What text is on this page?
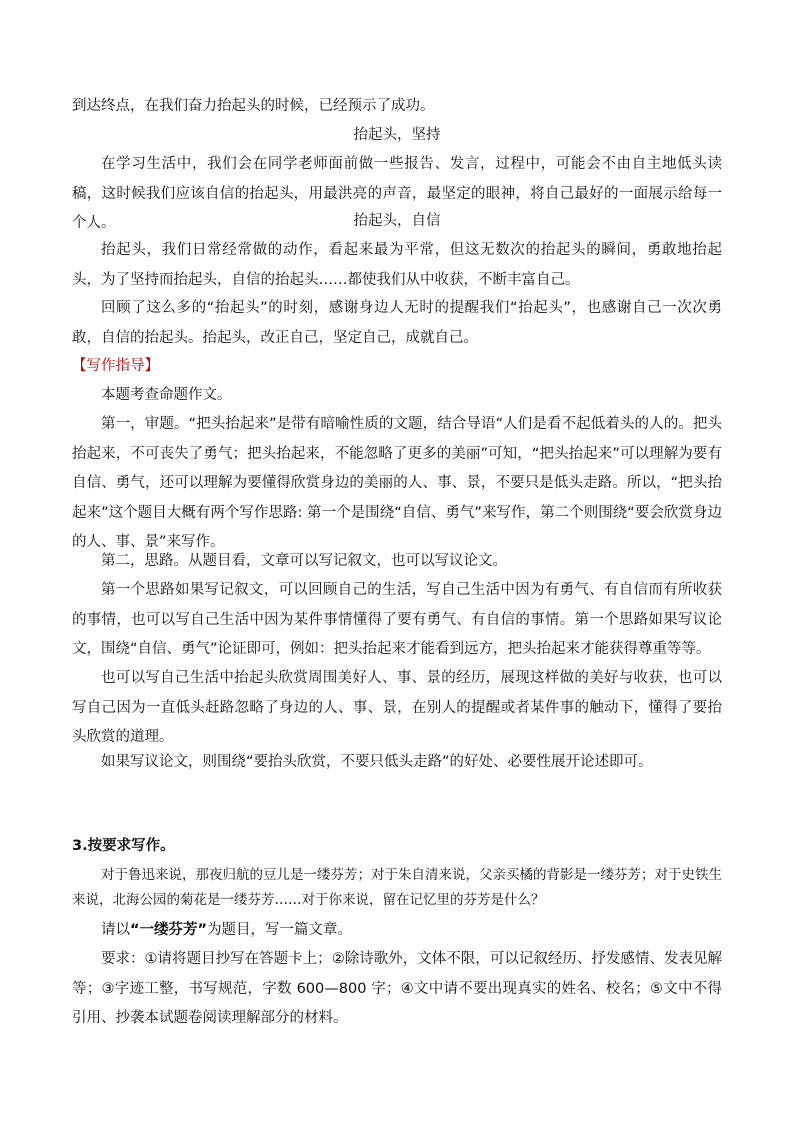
到达终点，在我们奋力抬起头的时候，已经预示了成功。

抬起头，坚持

在学习生活中，我们会在同学老师面前做一些报告、发言，过程中，可能会不由自主地低头读稿，这时候我们应该自信的抬起头，用最洪亮的声音，最坚定的眼神，将自己最好的一面展示给每一个人。	抬起头，自信

抬起头，我们日常经常做的动作，看起来最为平常，但这无数次的抬起头的瞬间，勇敢地抬起头，为了坚持而抬起头，自信的抬起头……都使我们从中收获，不断丰富自己。

回顾了这么多的“抬起头”的时刻，感谢身边人无时的提醒我们“抬起头”，也感谢自己一次次勇敢，自信的抬起头。抬起头，改正自己，坚定自己，成就自己。

【写作指导】

本题考查命题作文。

第一，审题。“把头抬起来”是带有暗喻性质的文题，结合导语“人们是看不起低着头的人的。把头抬起来，不可丧失了勇气；把头抬起来，不能忽略了更多的美丽”可知，“把头抬起来”可以理解为要有自信、勇气，还可以理解为要懂得欣赏身边的美丽的人、事、景，不要只是低头走路。所以，“把头抬起来”这个题目大概有两个写作思路: 第一个是围绕“自信、勇气”来写作，第二个则围绕“要会欣赏身边的人、事、景”来写作。

第二，思路。从题目看，文章可以写记叙文，也可以写议论文。

第一个思路如果写记叙文，可以回顾自己的生活，写自己生活中因为有勇气、有自信而有所收获的事情，也可以写自己生活中因为某件事情懂得了要有勇气、有自信的事情。第一个思路如果写议论文，围绕“自信、勇气”论证即可，例如：把头抬起来才能看到远方，把头抬起来才能获得尊重等等。

也可以写自己生活中抬起头欣赏周围美好人、事、景的经历，展现这样做的美好与收获，也可以写自己因为一直低头赶路忽略了身边的人、事、景，在别人的提醒或者某件事的触动下，懂得了要抬头欣赏的道理。

如果写议论文，则围绕“要抬头欣赏，不要只低头走路”的好处、必要性展开论述即可。

3.按要求写作。

对于鲁迅来说，那夜归航的豆儿是一缕芬芳；对于朱自清来说，父亲买橘的背影是一缕芬芳；对于史铁生来说，北海公园的菊花是一缕芬芳……对于你来说，留在记忆里的芬芳是什么？

请以“一缕芬芳”为题目，写一篇文章。

要求：①请将题目抄写在答题卡上；②除诗歌外，文体不限，可以记叙经历、抒发感情、发表见解等；③字迹工整，书写规范，字数 600—800 字；④文中请不要出现真实的姓名、校名；⑤文中不得引用、抄袭本试题卷阅读理解部分的材料。
